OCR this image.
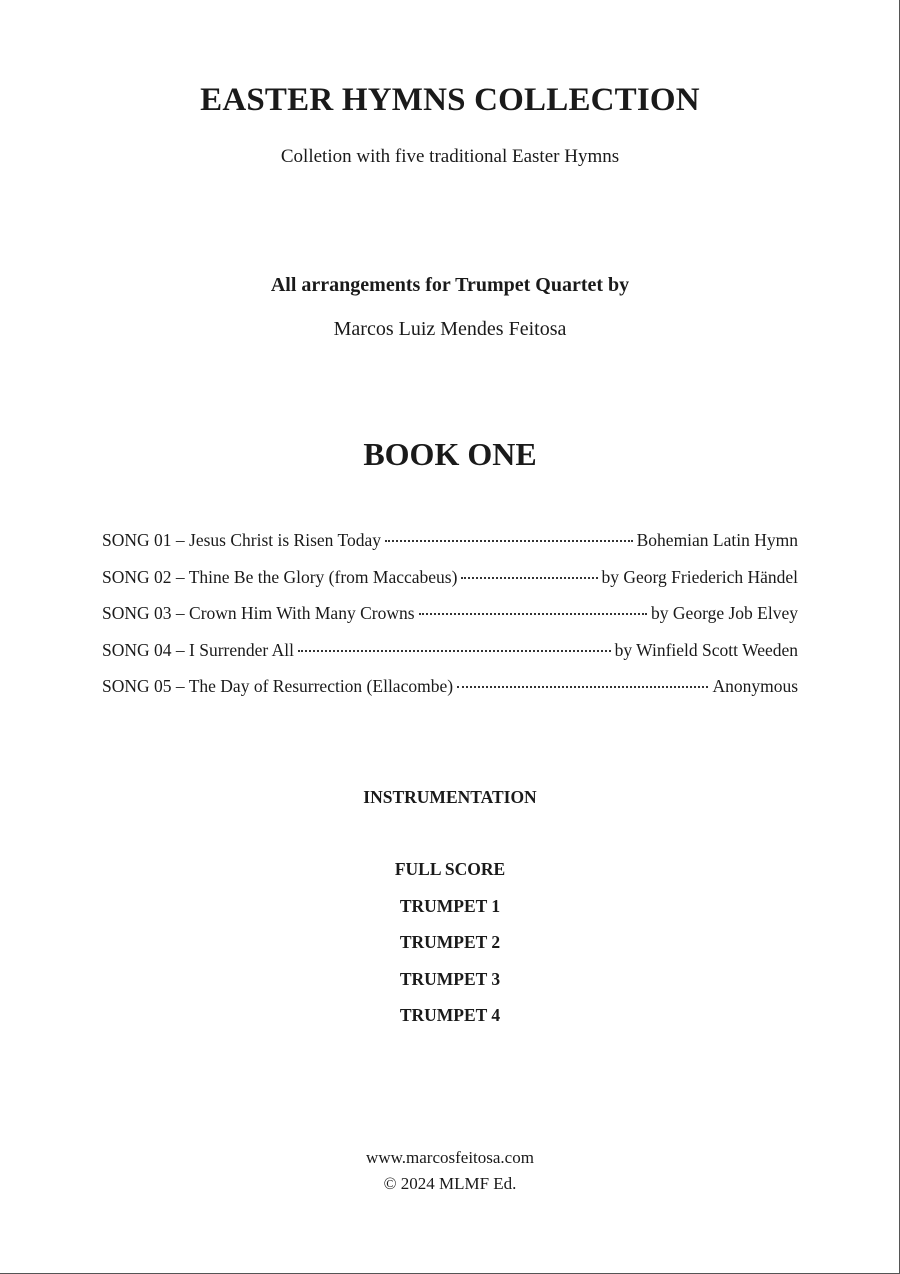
EASTER HYMNS COLLECTION
Colletion with five traditional Easter Hymns
All arrangements for Trumpet Quartet by
Marcos Luiz Mendes Feitosa
BOOK ONE
SONG 01 – Jesus Christ is Risen Today	Bohemian Latin Hymn
SONG 02 – Thine Be the Glory (from Maccabeus)	by Georg Friederich Händel
SONG 03 – Crown Him With Many Crowns	by George Job Elvey
SONG 04 – I Surrender All	by Winfield Scott Weeden
SONG 05 – The Day of Resurrection (Ellacombe)	Anonymous
INSTRUMENTATION
FULL SCORE
TRUMPET 1
TRUMPET 2
TRUMPET 3
TRUMPET 4
www.marcosfeitosa.com
© 2024 MLMF Ed.
